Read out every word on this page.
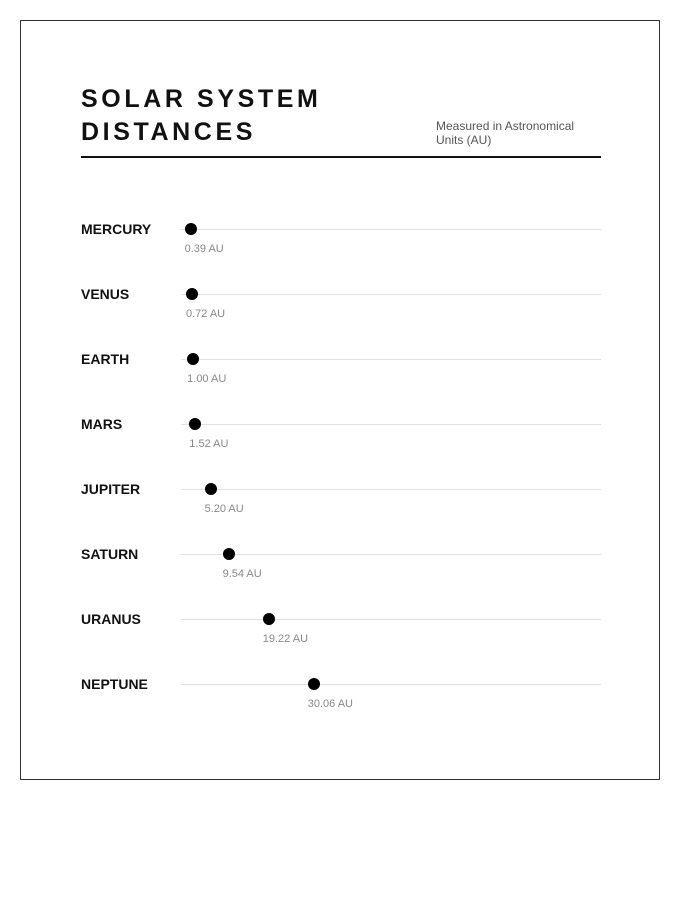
SOLAR SYSTEM
DISTANCES	Measured in Astronomical Units (AU)
MERCURY
0.39 AU
VENUS
0.72 AU
EARTH
1.00 AU
MARS
1.52 AU
JUPITER
5.20 AU
SATURN
9.54 AU
URANUS
19.22 AU
NEPTUNE
30.06 AU
